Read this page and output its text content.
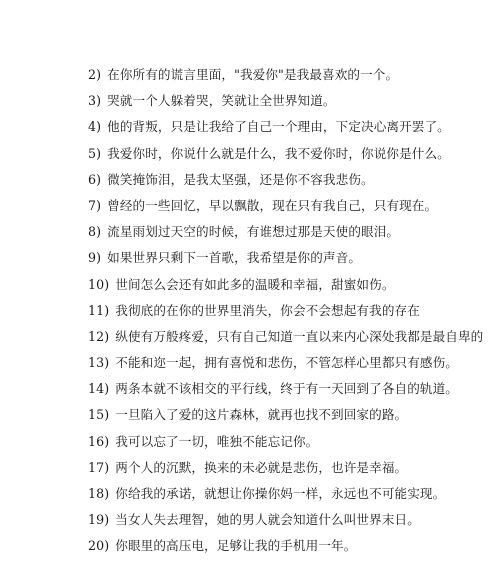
2) 在你所有的谎言里面，"我爱你"是我最喜欢的一个。
3) 哭就一个人躲着哭，笑就让全世界知道。
4) 他的背叛，只是让我给了自己一个理由，下定决心离开罢了。
5) 我爱你时，你说什么就是什么，我不爱你时，你说你是什么。
6) 微笑掩饰泪，是我太坚强，还是你不容我悲伤。
7) 曾经的一些回忆，早以飘散，现在只有我自己，只有现在。
8) 流星雨划过天空的时候，有谁想过那是天使的眼泪。
9) 如果世界只剩下一首歌，我希望是你的声音。
10) 世间怎么会还有如此多的温暖和幸福，甜蜜如伤。
11) 我彻底的在你的世界里消失，你会不会想起有我的存在
12) 纵使有万般疼爱，只有自己知道一直以来内心深处我都是最自卑的
13) 不能和迩一起，拥有喜悦和悲伤，不管怎样心里都只有感伤。
14) 两条本就不该相交的平行线，终于有一天回到了各自的轨道。
15) 一旦陷入了爱的这片森林，就再也找不到回家的路。
16) 我可以忘了一切，唯独不能忘记你。
17) 两个人的沉默，换来的未必就是悲伤，也许是幸福。
18) 你给我的承诺，就想让你操你妈一样，永远也不可能实现。
19) 当女人失去理智，她的男人就会知道什么叫世界末日。
20) 你眼里的高压电，足够让我的手机用一年。
